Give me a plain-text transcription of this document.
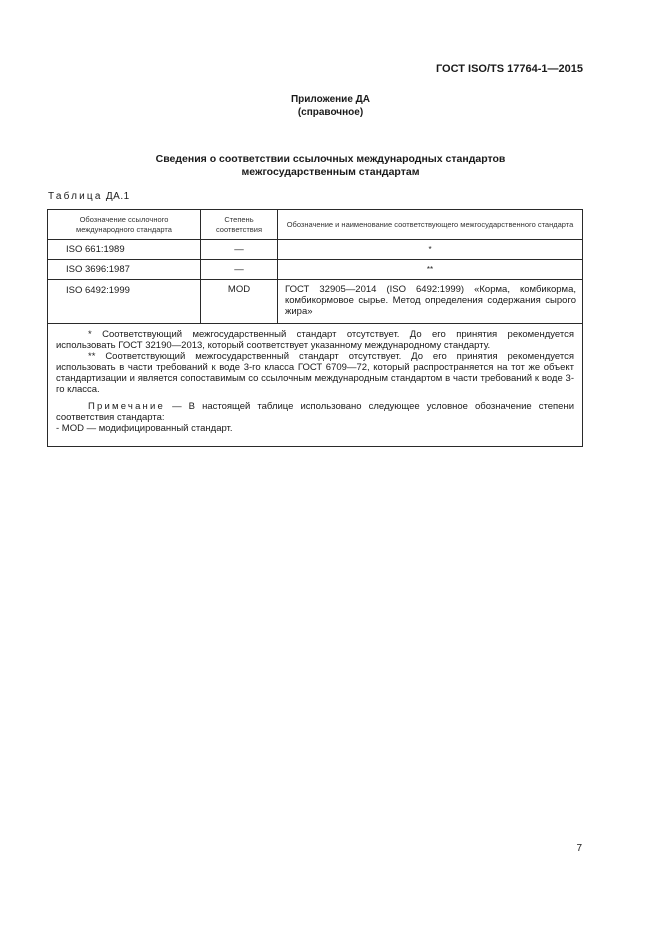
ГОСТ ISO/TS 17764-1—2015
Приложение ДА
(справочное)
Сведения о соответствии ссылочных международных стандартов
межгосударственным стандартам
Таблица ДА.1
Обозначение ссылочного международного стандарта	Степень соответствия	Обозначение и наименование соответствующего межгосударственного стандарта
ISO 661:1989	—	*
ISO 3696:1987	—	**
ISO 6492:1999	MOD	ГОСТ 32905—2014 (ISO 6492:1999) «Корма, комбикорма, комбикормовое сырье. Метод определения содержания сырого жира»

* Соответствующий межгосударственный стандарт отсутствует. До его принятия рекомендуется использовать ГОСТ 32190—2013, который соответствует указанному международному стандарту.

** Соответствующий межгосударственный стандарт отсутствует. До его принятия рекомендуется использовать в части требований к воде 3-го класса ГОСТ 6709—72, который распространяется на тот же объект стандартизации и является сопоставимым со ссылочным международным стандартом в части требований к воде 3-го класса.

Примечание — В настоящей таблице использовано следующее условное обозначение степени соответствия стандарта:

- MOD — модифицированный стандарт.		

7
